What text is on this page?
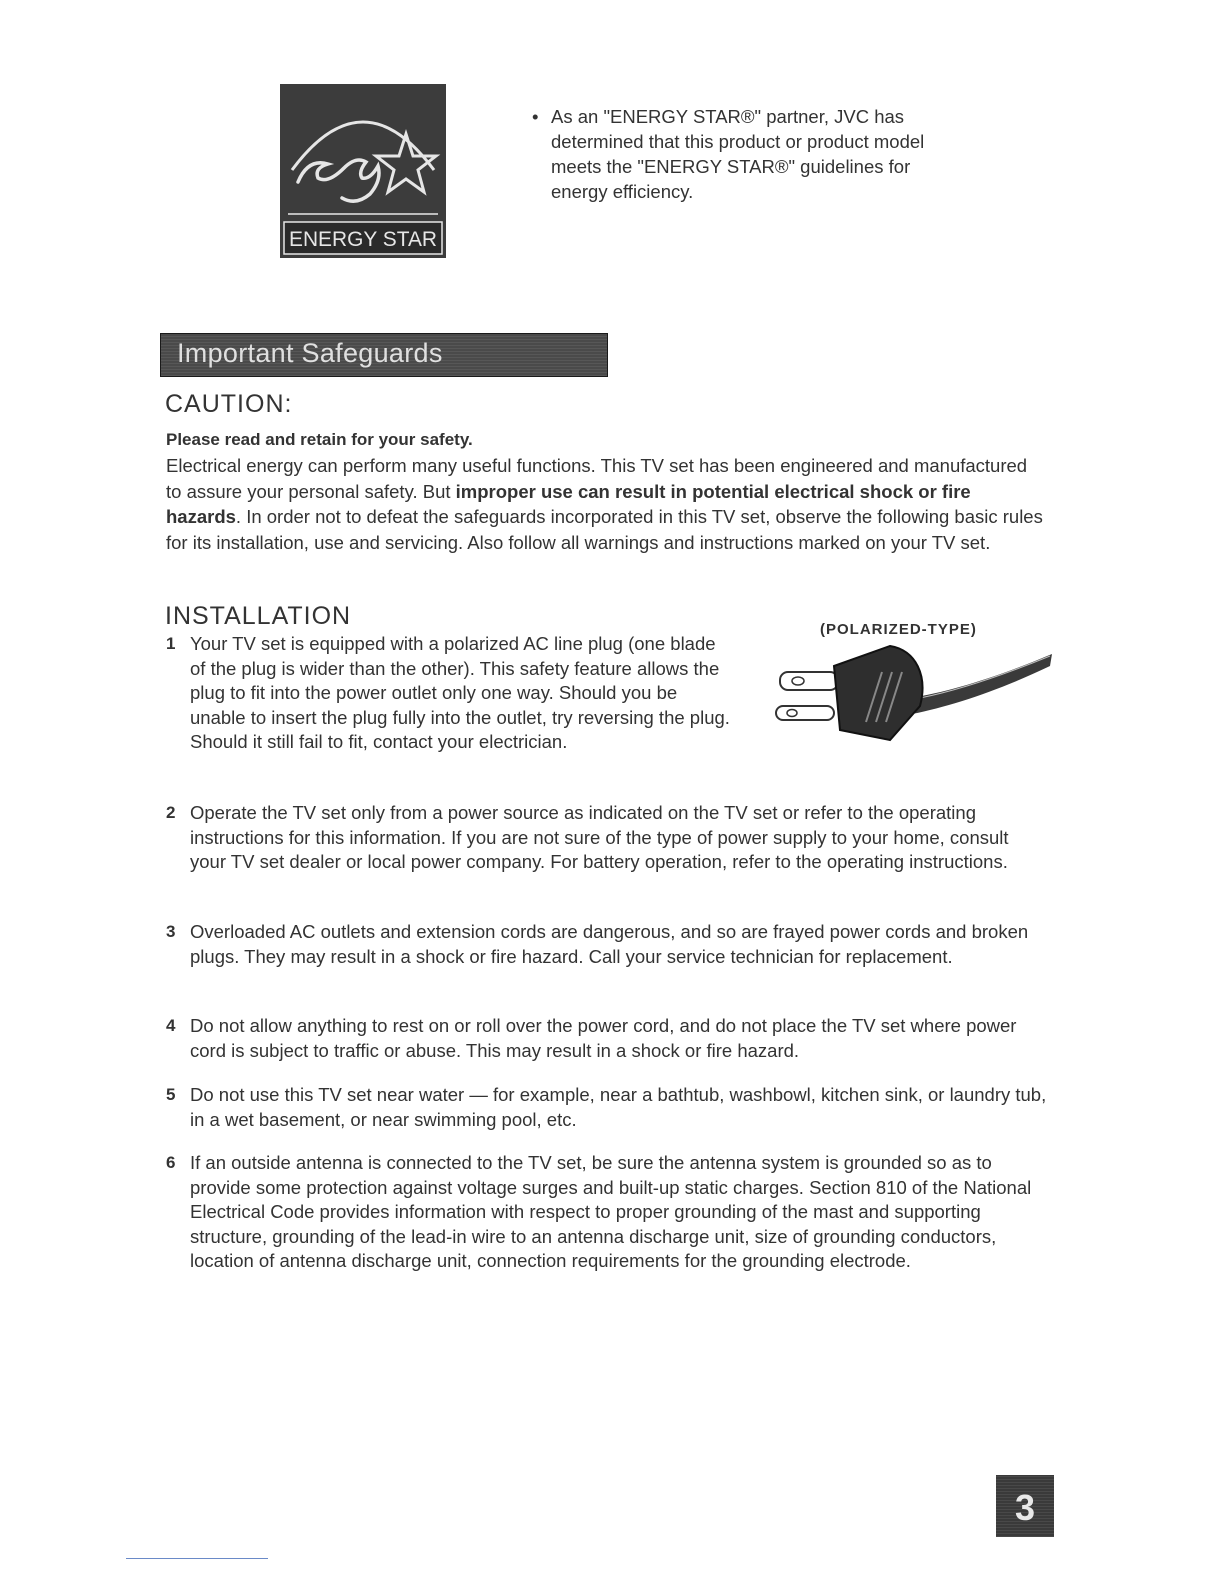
ENERGY STAR
• As an "ENERGY STAR®" partner, JVC has determined that this product or product model meets the "ENERGY STAR®" guidelines for energy efficiency.
Important Safeguards
CAUTION:
Please read and retain for your safety.
Electrical energy can perform many useful functions. This TV set has been engineered and manufactured to assure your personal safety. But improper use can result in potential electrical shock or fire hazards. In order not to defeat the safeguards incorporated in this TV set, observe the following basic rules for its installation, use and servicing. Also follow all warnings and instructions marked on your TV set.
INSTALLATION	(POLARIZED-TYPE)
1 Your TV set is equipped with a polarized AC line plug (one blade of the plug is wider than the other). This safety feature allows the plug to fit into the power outlet only one way. Should you be unable to insert the plug fully into the outlet, try reversing the plug. Should it still fail to fit, contact your electrician.
2 Operate the TV set only from a power source as indicated on the TV set or refer to the operating instructions for this information. If you are not sure of the type of power supply to your home, consult your TV set dealer or local power company. For battery operation, refer to the operating instructions.
3 Overloaded AC outlets and extension cords are dangerous, and so are frayed power cords and broken plugs. They may result in a shock or fire hazard. Call your service technician for replacement.
4 Do not allow anything to rest on or roll over the power cord, and do not place the TV set where power cord is subject to traffic or abuse. This may result in a shock or fire hazard.
5 Do not use this TV set near water — for example, near a bathtub, washbowl, kitchen sink, or laundry tub, in a wet basement, or near swimming pool, etc.
6 If an outside antenna is connected to the TV set, be sure the antenna system is grounded so as to provide some protection against voltage surges and built-up static charges. Section 810 of the National Electrical Code provides information with respect to proper grounding of the mast and supporting structure, grounding of the lead-in wire to an antenna discharge unit, size of grounding conductors, location of antenna discharge unit, connection requirements for the grounding electrode.
3
